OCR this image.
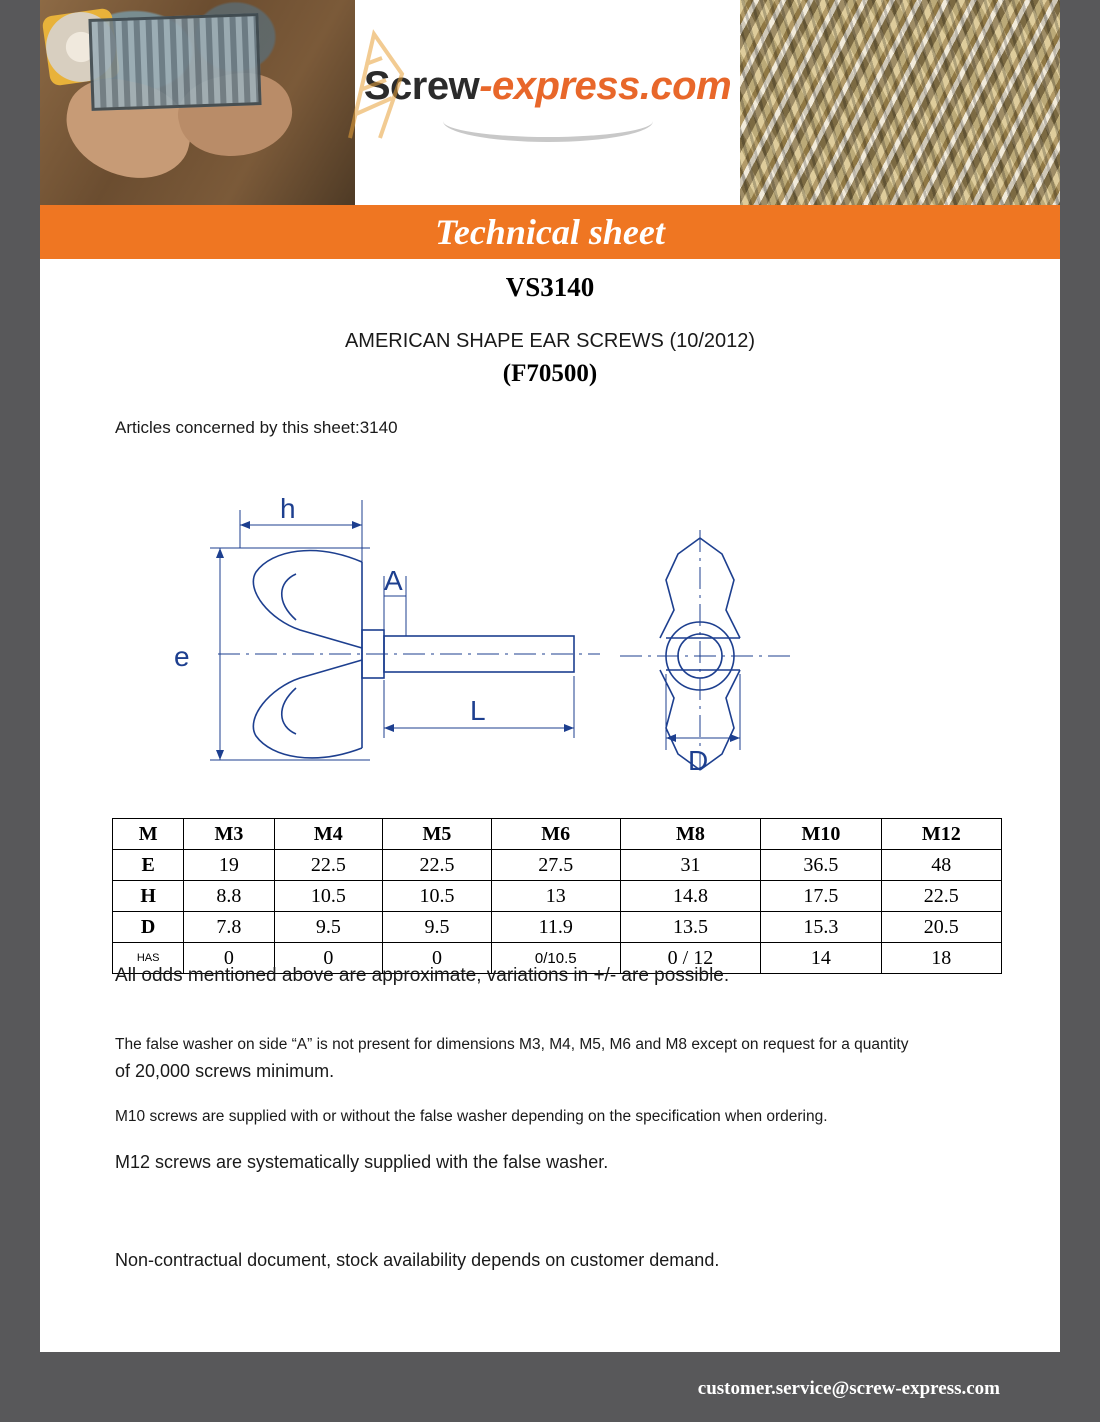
Screw-express.com
Technical sheet
VS3140
AMERICAN SHAPE EAR SCREWS (10/2012)
(F70500)
Articles concerned by this sheet:3140
h
e
A
L
D
M	M3	M4	M5	M6	M8	M10	M12
E	19	22.5	22.5	27.5	31	36.5	48
H	8.8	10.5	10.5	13	14.8	17.5	22.5
D	7.8	9.5	9.5	11.9	13.5	15.3	20.5
HAS	0	0	0	0/10.5	0 / 12	14	18
All odds mentioned above are approximate, variations in +/- are possible.
The false washer on side “A” is not present for dimensions M3, M4, M5, M6 and M8 except on request for a quantity
of 20,000 screws minimum.
M10 screws are supplied with or without the false washer depending on the specification when ordering.
M12 screws are systematically supplied with the false washer.
Non-contractual document, stock availability depends on customer demand.
customer.service@screw-express.com
